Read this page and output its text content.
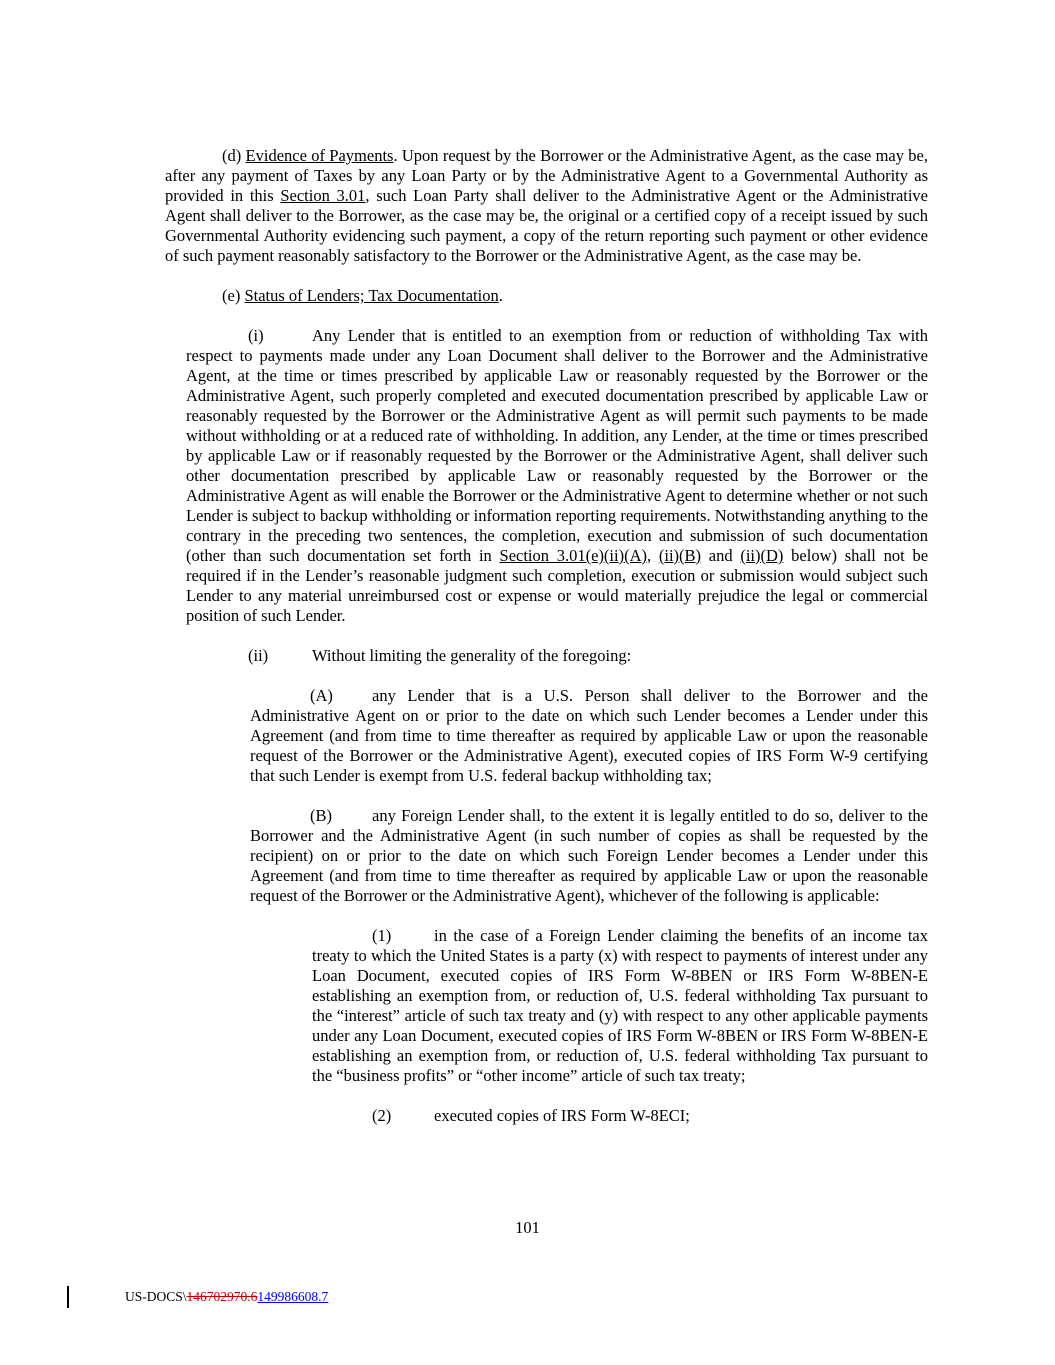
(d) Evidence of Payments. Upon request by the Borrower or the Administrative Agent, as the case may be, after any payment of Taxes by any Loan Party or by the Administrative Agent to a Governmental Authority as provided in this Section 3.01, such Loan Party shall deliver to the Administrative Agent or the Administrative Agent shall deliver to the Borrower, as the case may be, the original or a certified copy of a receipt issued by such Governmental Authority evidencing such payment, a copy of the return reporting such payment or other evidence of such payment reasonably satisfactory to the Borrower or the Administrative Agent, as the case may be.

(e) Status of Lenders; Tax Documentation.

(i)	Any Lender that is entitled to an exemption from or reduction of withholding Tax with respect to payments made under any Loan Document shall deliver to the Borrower and the Administrative Agent, at the time or times prescribed by applicable Law or reasonably requested by the Borrower or the Administrative Agent, such properly completed and executed documentation prescribed by applicable Law or reasonably requested by the Borrower or the Administrative Agent as will permit such payments to be made without withholding or at a reduced rate of withholding. In addition, any Lender, at the time or times prescribed by applicable Law or if reasonably requested by the Borrower or the Administrative Agent, shall deliver such other documentation prescribed by applicable Law or reasonably requested by the Borrower or the Administrative Agent as will enable the Borrower or the Administrative Agent to determine whether or not such Lender is subject to backup withholding or information reporting requirements. Notwithstanding anything to the contrary in the preceding two sentences, the completion, execution and submission of such documentation (other than such documentation set forth in Section 3.01(e)(ii)(A), (ii)(B) and (ii)(D) below) shall not be required if in the Lender’s reasonable judgment such completion, execution or submission would subject such Lender to any material unreimbursed cost or expense or would materially prejudice the legal or commercial position of such Lender.

(ii)	Without limiting the generality of the foregoing:

(A) any Lender that is a U.S. Person shall deliver to the Borrower and the Administrative Agent on or prior to the date on which such Lender becomes a Lender under this Agreement (and from time to time thereafter as required by applicable Law or upon the reasonable request of the Borrower or the Administrative Agent), executed copies of IRS Form W-9 certifying that such Lender is exempt from U.S. federal backup withholding tax;

(B) any Foreign Lender shall, to the extent it is legally entitled to do so, deliver to the Borrower and the Administrative Agent (in such number of copies as shall be requested by the recipient) on or prior to the date on which such Foreign Lender becomes a Lender under this Agreement (and from time to time thereafter as required by applicable Law or upon the reasonable request of the Borrower or the Administrative Agent), whichever of the following is applicable:

(1)	in the case of a Foreign Lender claiming the benefits of an income tax treaty to which the United States is a party (x) with respect to payments of interest under any Loan Document, executed copies of IRS Form W-8BEN or IRS Form W-8BEN-E establishing an exemption from, or reduction of, U.S. federal withholding Tax pursuant to the “interest” article of such tax treaty and (y) with respect to any other applicable payments under any Loan Document, executed copies of IRS Form W-8BEN or IRS Form W-8BEN-E establishing an exemption from, or reduction of, U.S. federal withholding Tax pursuant to the “business profits” or “other income” article of such tax treaty;

(2)	executed copies of IRS Form W-8ECI;

101
US-DOCS\146702970.6149986608.7
